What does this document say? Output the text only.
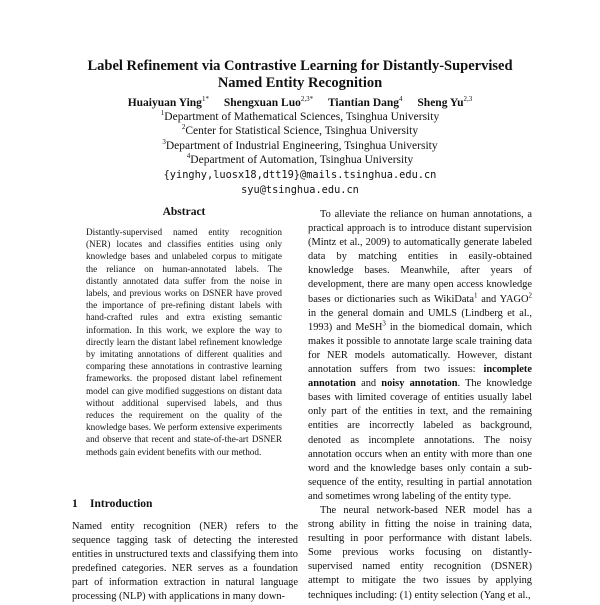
Label Refinement via Contrastive Learning for Distantly-Supervised
Named Entity Recognition
Huaiyuan Ying$^{1*}$ Shengxuan Luo$^{2,3*}$ Tiantian Dang$^4$ Sheng Yu$^{2,3}$
$^1$Department of Mathematical Sciences, Tsinghua University
$^2$Center for Statistical Science, Tsinghua University
$^3$Department of Industrial Engineering, Tsinghua University
$^4$Department of Automation, Tsinghua University
{yinghy,luosx18,dtt19}@mails.tsinghua.edu.cn
syu@tsinghua.edu.cn
Abstract
Distantly-supervised named entity recognition (NER) locates and classifies entities using only knowledge bases and unlabeled corpus to mitigate the reliance on human-annotated labels. The distantly annotated data suffer from the noise in labels, and previous works on DSNER have proved the importance of pre-refining distant labels with hand-crafted rules and extra existing semantic information. In this work, we explore the way to directly learn the distant label refinement knowledge by imitating annotations of different qualities and comparing these annotations in contrastive learning frameworks. the proposed distant label refinement model can give modified suggestions on distant data without additional supervised labels, and thus reduces the requirement on the quality of the knowledge bases. We perform extensive experiments and observe that recent and state-of-the-art DSNER methods gain evident benefits with our method.
1 Introduction
Named entity recognition (NER) refers to the sequence tagging task of detecting the interested entities in unstructured texts and classifying them into predefined categories. NER serves as a foundation part of information extraction in natural language processing (NLP) with applications in many down-

To alleviate the reliance on human annotations, a practical approach is to introduce distant supervision (Mintz et al., 2009) to automatically generate labeled data by matching entities in easily-obtained knowledge bases. Meanwhile, after years of development, there are many open access knowledge bases or dictionaries such as WikiData$^1$ and YAGO$^2$ in the general domain and UMLS (Lindberg et al., 1993) and MeSH$^3$ in the biomedical domain, which makes it possible to annotate large scale training data for NER models automatically. However, distant annotation suffers from two issues: incomplete annotation and noisy annotation. The knowledge bases with limited coverage of entities usually label only part of the entities in text, and the remaining entities are incorrectly labeled as background, denoted as incomplete annotations. The noisy annotation occurs when an entity with more than one word and the knowledge bases only contain a sub-sequence of the entity, resulting in partial annotation and sometimes wrong labeling of the entity type.

The neural network-based NER model has a strong ability in fitting the noise in training data, resulting in poor performance with distant labels. Some previous works focusing on distantly-supervised named entity recognition (DSNER) attempt to mitigate the two issues by applying techniques including: (1) entity selection (Yang et al.,
